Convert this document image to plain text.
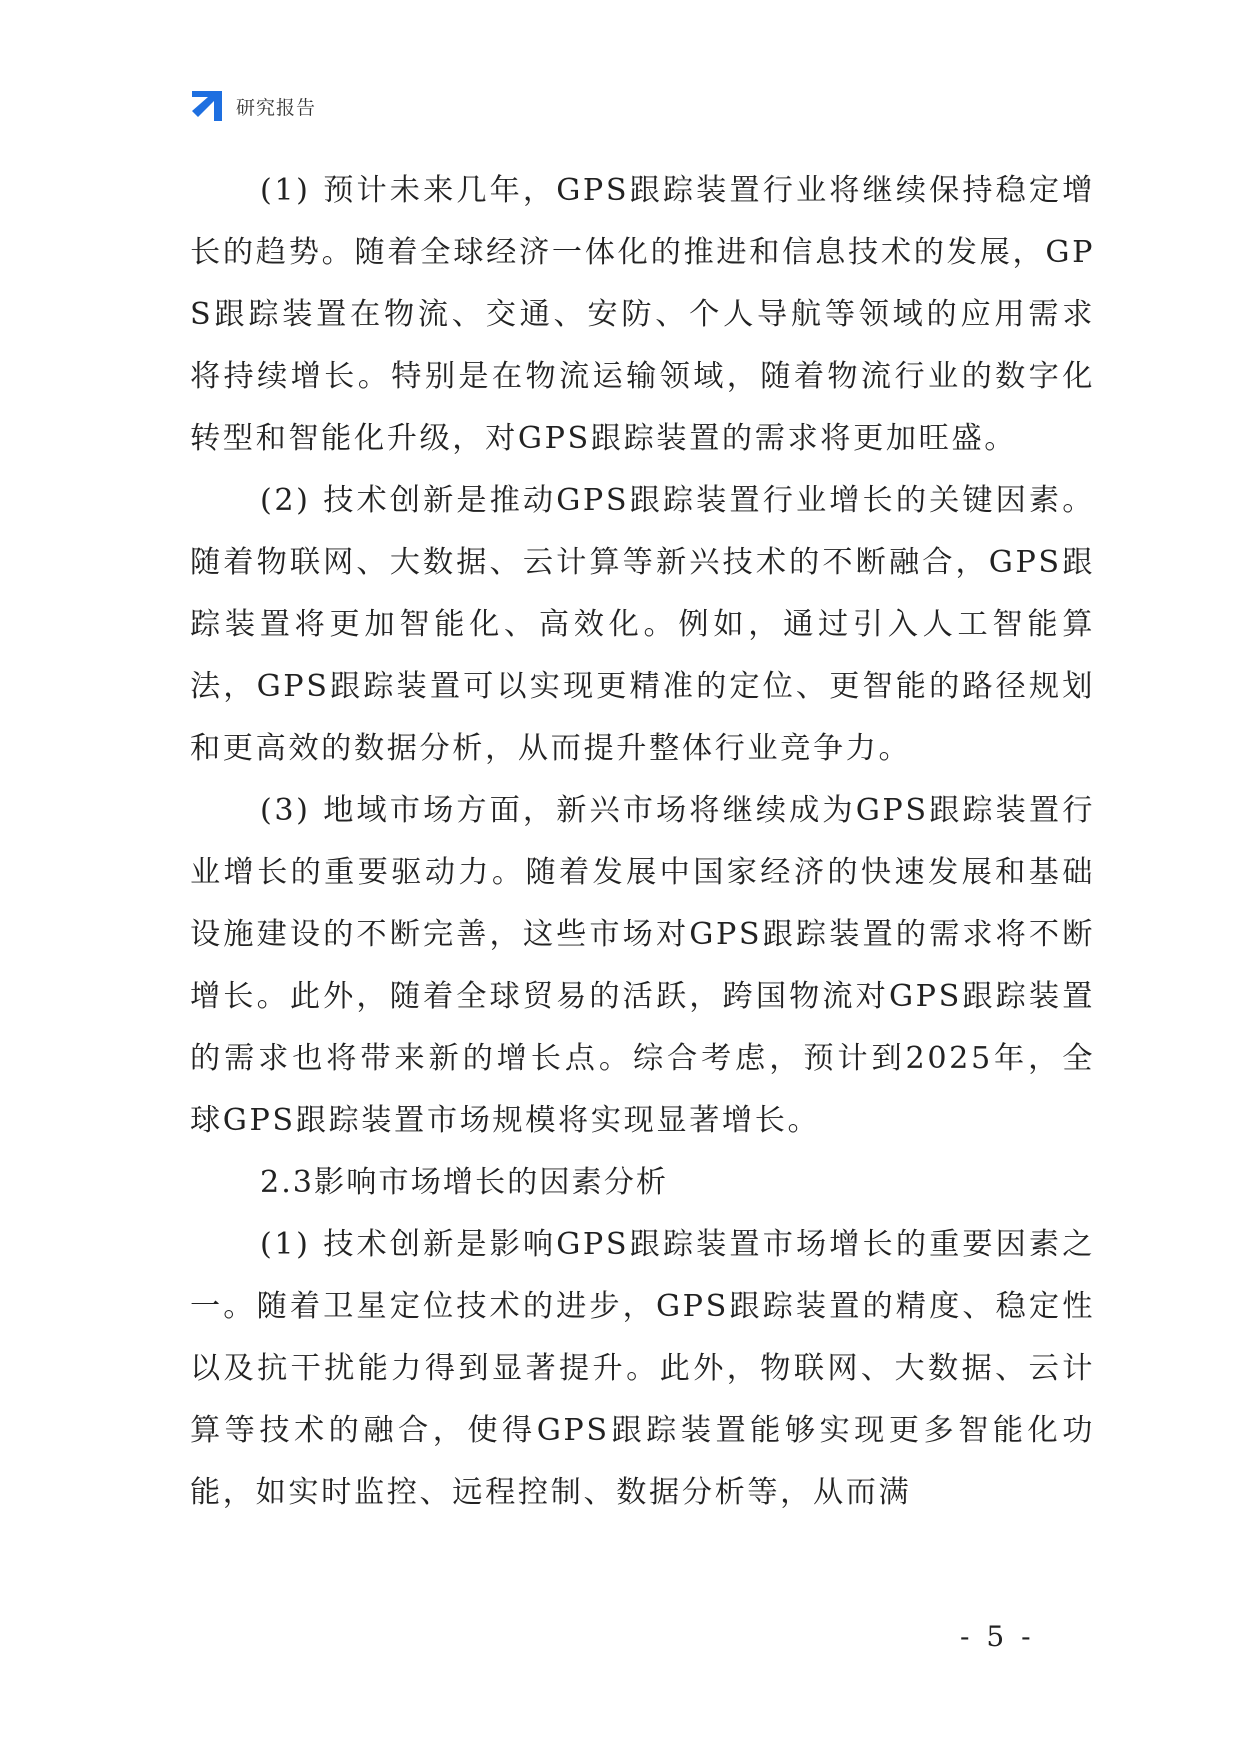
研究报告

(1) 预计未来几年，GPS跟踪装置行业将继续保持稳定增长的趋势。随着全球经济一体化的推进和信息技术的发展，GPS跟踪装置在物流、交通、安防、个人导航等领域的应用需求将持续增长。特别是在物流运输领域，随着物流行业的数字化转型和智能化升级，对GPS跟踪装置的需求将更加旺盛。

(2) 技术创新是推动GPS跟踪装置行业增长的关键因素。随着物联网、大数据、云计算等新兴技术的不断融合，GPS跟踪装置将更加智能化、高效化。例如，通过引入人工智能算法，GPS跟踪装置可以实现更精准的定位、更智能的路径规划和更高效的数据分析，从而提升整体行业竞争力。

(3) 地域市场方面，新兴市场将继续成为GPS跟踪装置行业增长的重要驱动力。随着发展中国家经济的快速发展和基础设施建设的不断完善，这些市场对GPS跟踪装置的需求将不断增长。此外，随着全球贸易的活跃，跨国物流对GPS跟踪装置的需求也将带来新的增长点。综合考虑，预计到2025年，全球GPS跟踪装置市场规模将实现显著增长。

2.3影响市场增长的因素分析

(1) 技术创新是影响GPS跟踪装置市场增长的重要因素之一。随着卫星定位技术的进步，GPS跟踪装置的精度、稳定性以及抗干扰能力得到显著提升。此外，物联网、大数据、云计算等技术的融合，使得GPS跟踪装置能够实现更多智能化功能，如实时监控、远程控制、数据分析等，从而满

- 5 -
